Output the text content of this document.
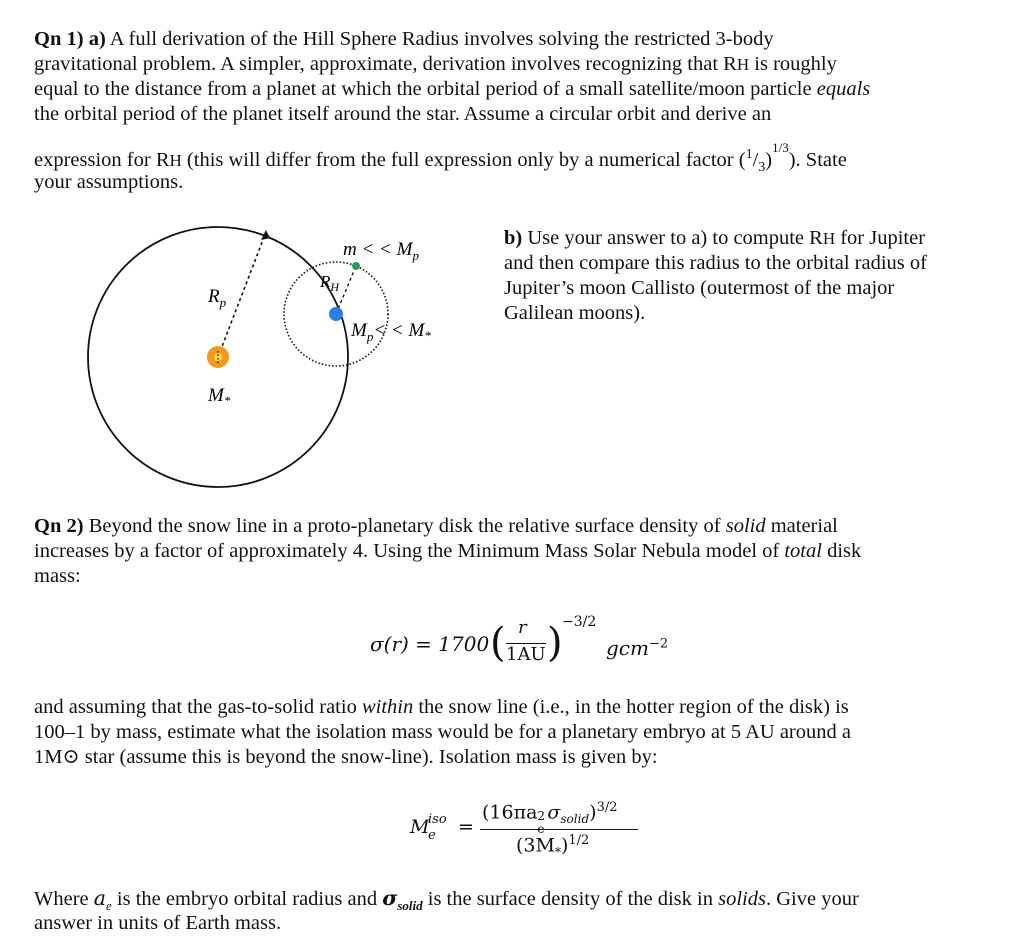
Qn 1) a) A full derivation of the Hill Sphere Radius involves solving the restricted 3-body

gravitational problem. A simpler, approximate, derivation involves recognizing that RH is roughly

equal to the distance from a planet at which the orbital period of a small satellite/moon particle equals

the orbital period of the planet itself around the star. Assume a circular orbit and derive an

expression for RH (this will differ from the full expression only by a numerical factor $(^1/_3)^{1/3}$). State

your assumptions.

b) Use your answer to a) to compute RH for Jupiter

and then compare this radius to the orbital radius of

Jupiter’s moon Callisto (outermost of the major

Galilean moons).

m < < $M_p$
$R_H$
$R_p$
$M_p< < M_*$
$M_*$

Qn 2) Beyond the snow line in a proto-planetary disk the relative surface density of solid material

increases by a factor of approximately 4. Using the Minimum Mass Solar Nebula model of total disk

mass:

σ(r) = 1700 ( r
1AU ) −3/2
gcm$^{-2}$

and assuming that the gas-to-solid ratio within the snow line (i.e., in the hotter region of the disk) is

100–1 by mass, estimate what the isolation mass would be for a planetary embryo at 5 AU around a

1M⊙ star (assume this is beyond the snow-line). Isolation mass is given by:

M
iso
e =
(16πa 2
e
$\sigma_{solid})^{3/2}$
$(3M_*)^{1/2}$

Where $a_e$ is the embryo orbital radius and $\sigma_{solid}$ is the surface density of the disk in solids. Give your

answer in units of Earth mass.
